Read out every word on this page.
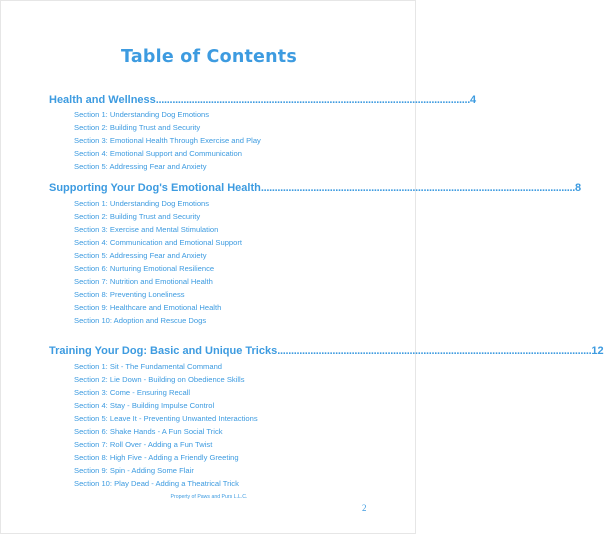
Table of Contents
Health and Wellness .................................................................................................................. 4
Section 1: Understanding Dog Emotions
Section 2: Building Trust and Security
Section 3: Emotional Health Through Exercise and Play
Section 4: Emotional Support and Communication
Section 5: Addressing Fear and Anxiety
Supporting Your Dog's Emotional Health .................................................................................................................. 8
Section 1: Understanding Dog Emotions
Section 2: Building Trust and Security
Section 3: Exercise and Mental Stimulation
Section 4: Communication and Emotional Support
Section 5: Addressing Fear and Anxiety
Section 6: Nurturing Emotional Resilience
Section 7: Nutrition and Emotional Health
Section 8: Preventing Loneliness
Section 9: Healthcare and Emotional Health
Section 10: Adoption and Rescue Dogs
Training Your Dog: Basic and Unique Tricks .................................................................................................................. 12
Section 1: Sit - The Fundamental Command
Section 2: Lie Down - Building on Obedience Skills
Section 3: Come - Ensuring Recall
Section 4: Stay - Building Impulse Control
Section 5: Leave It - Preventing Unwanted Interactions
Section 6: Shake Hands - A Fun Social Trick
Section 7: Roll Over - Adding a Fun Twist
Section 8: High Five - Adding a Friendly Greeting
Section 9: Spin - Adding Some Flair
Section 10: Play Dead - Adding a Theatrical Trick
Property of Paws and Purs L.L.C.
2
